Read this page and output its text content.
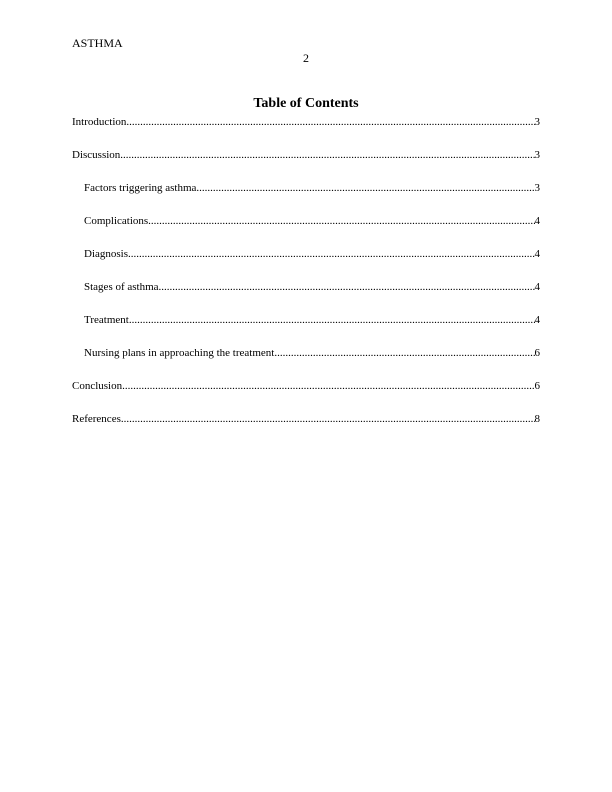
ASTHMA
2
Table of Contents
Introduction .....	3
Discussion .....	3
Factors triggering asthma .....	3
Complications .....	4
Diagnosis .....	4
Stages of asthma .....	4
Treatment .....	4
Nursing plans in approaching the treatment .....	6
Conclusion .....	6
References .....	8
